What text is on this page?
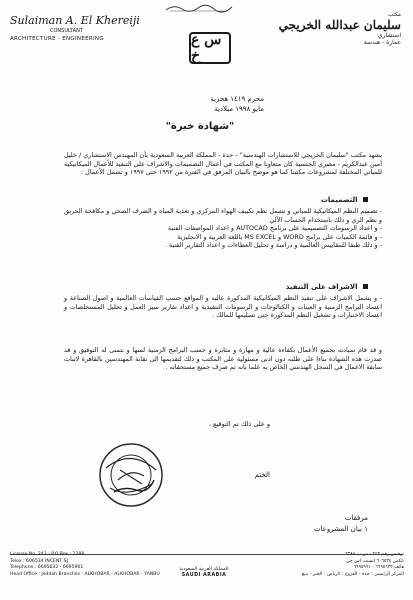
Sulaiman A. El Khereiji
CONSULTANT
ARCHITECTURE - ENGINEERING	س ع خ
مكتب
سليمان عبدالله الخريجي
استشاري
عمارة - هندسة
محرم ١٤١٩ هجرية
مايو ١٩٩٨ ميلادية
"شهادة خبرة"
يشهد مكتب "سليمان الخريجي للاستشارات الهندسية" - جدة - المملكة العربية السعودية بأن المهندس الاستشاري / خليل أمين عبدالكريم - مصري الجنسية كان متعاونا مع المكتب في أعمال التصميمات والاشراف على التنفيذ للأعمال الميكانيكية للمباني المختلفة لمشروعات مكتبنا كما هو موضح بالبيان المرفق في الفترة من ١٩٩٢ حتى ١٩٩٧ و تشمل الأعمال :
التصميمات
- تصميم النظم الميكانيكية للمباني و تشمل نظم تكييف الهواء المركزي و تغذية المياه و الصرف الصحي و مكافحة الحريق و نظم الري و ذلك باستخدام الحساب الآلي
- و اعداد الرسومات التصميمية على برنامج AUTOCAD و اعداد المواصفات الفنية
- و قائمة الكميات على برامج WORD و MS EXCEL باللغة العربية و الانجليزية
- و ذلك طبقا للمقاييس العالمية و دراسة و تحليل العطاءات و اعداد التقارير الفنية .
الاشراف على التنفيذ
- و يشمل الاشراف على تنفيذ النظم الميكانيكية المذكورة عاليه و المواقع حسب القياسات العالمية و اصول الصناعة و اعتماد البرامج الزمنية و العينات و الكتالوجات و الرسومات التنفيذية و اعداد تقارير سير العمل و تحليل المستخلصات و اعتماد الاختبارات و تشغيل النظم المذكورة حتى تسليمها للمالك .
و قد قام سيادته بجميع الأعمال بكفاءة عالية و مهارة و مثابرة و حسب البرامج الزمنية لسها و نتمنى له التوفيق و قد صدرت هذه الشهادة بناءا على طلبه دون ادنى مسئولية على المكتب و ذلك لتقديمها الى نقابة المهندسين بالقاهرة لاثبات سابقة الاعمال في السجل الهندسي الخاص به علما بانه تم صرف جميع مستحقاته .
و على ذلك تم التوقيع ،
الختم
مرفقات
١ بيان المشروعات
License No. 243 - P.O.Box : 2388
Telex : 606534 INCENT SJ
Telephone : 6695632 - 6695961
Head Office : Jeddah Branches : ALKHOBAR - ALKHOBAR - YANBU
المملكة العربية السعودية
SAUDI ARABIA
ترخيص رقم ٢٤٣ - ص ب ٢٣٨٨
تلكس ٦٠٦٥٣٤ انسنت اس جي
هاتف ٦٦٩٥٦٣٢ - ٦٦٩٥٩٦١
المركز الرئيسي : جدة - الفروع : الرياض - الخبر - ينبع
